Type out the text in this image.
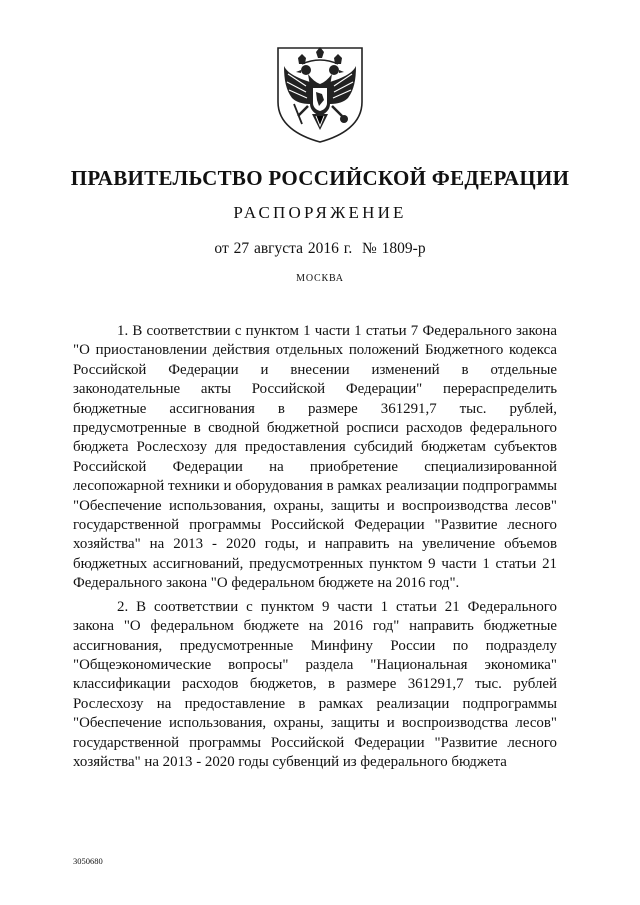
ПРАВИТЕЛЬСТВО РОССИЙСКОЙ ФЕДЕРАЦИИ
РАСПОРЯЖЕНИЕ

от 27 августа 2016 г.  № 1809-р

МОСКВА

1. В соответствии с пунктом 1 части 1 статьи 7 Федерального закона "О приостановлении действия отдельных положений Бюджетного кодекса Российской Федерации и внесении изменений в отдельные законодательные акты Российской Федерации" перераспределить бюджетные ассигнования в размере 361291,7 тыс. рублей, предусмотренные в сводной бюджетной росписи расходов федерального бюджета Рослесхозу для предоставления субсидий бюджетам субъектов Российской Федерации на приобретение специализированной лесопожарной техники и оборудования в рамках реализации подпрограммы "Обеспечение использования, охраны, защиты и воспроизводства лесов" государственной программы Российской Федерации "Развитие лесного хозяйства" на 2013 - 2020 годы, и направить на увеличение объемов бюджетных ассигнований, предусмотренных пунктом 9 части 1 статьи 21 Федерального закона "О федеральном бюджете на 2016 год".

2. В соответствии с пунктом 9 части 1 статьи 21 Федерального закона "О федеральном бюджете на 2016 год" направить бюджетные ассигнования, предусмотренные Минфину России по подразделу "Общеэкономические вопросы" раздела "Национальная экономика" классификации расходов бюджетов, в размере 361291,7 тыс. рублей Рослесхозу на предоставление в рамках реализации подпрограммы "Обеспечение использования, охраны, защиты и воспроизводства лесов" государственной программы Российской Федерации "Развитие лесного хозяйства" на 2013 - 2020 годы субвенций из федерального бюджета

3050680
